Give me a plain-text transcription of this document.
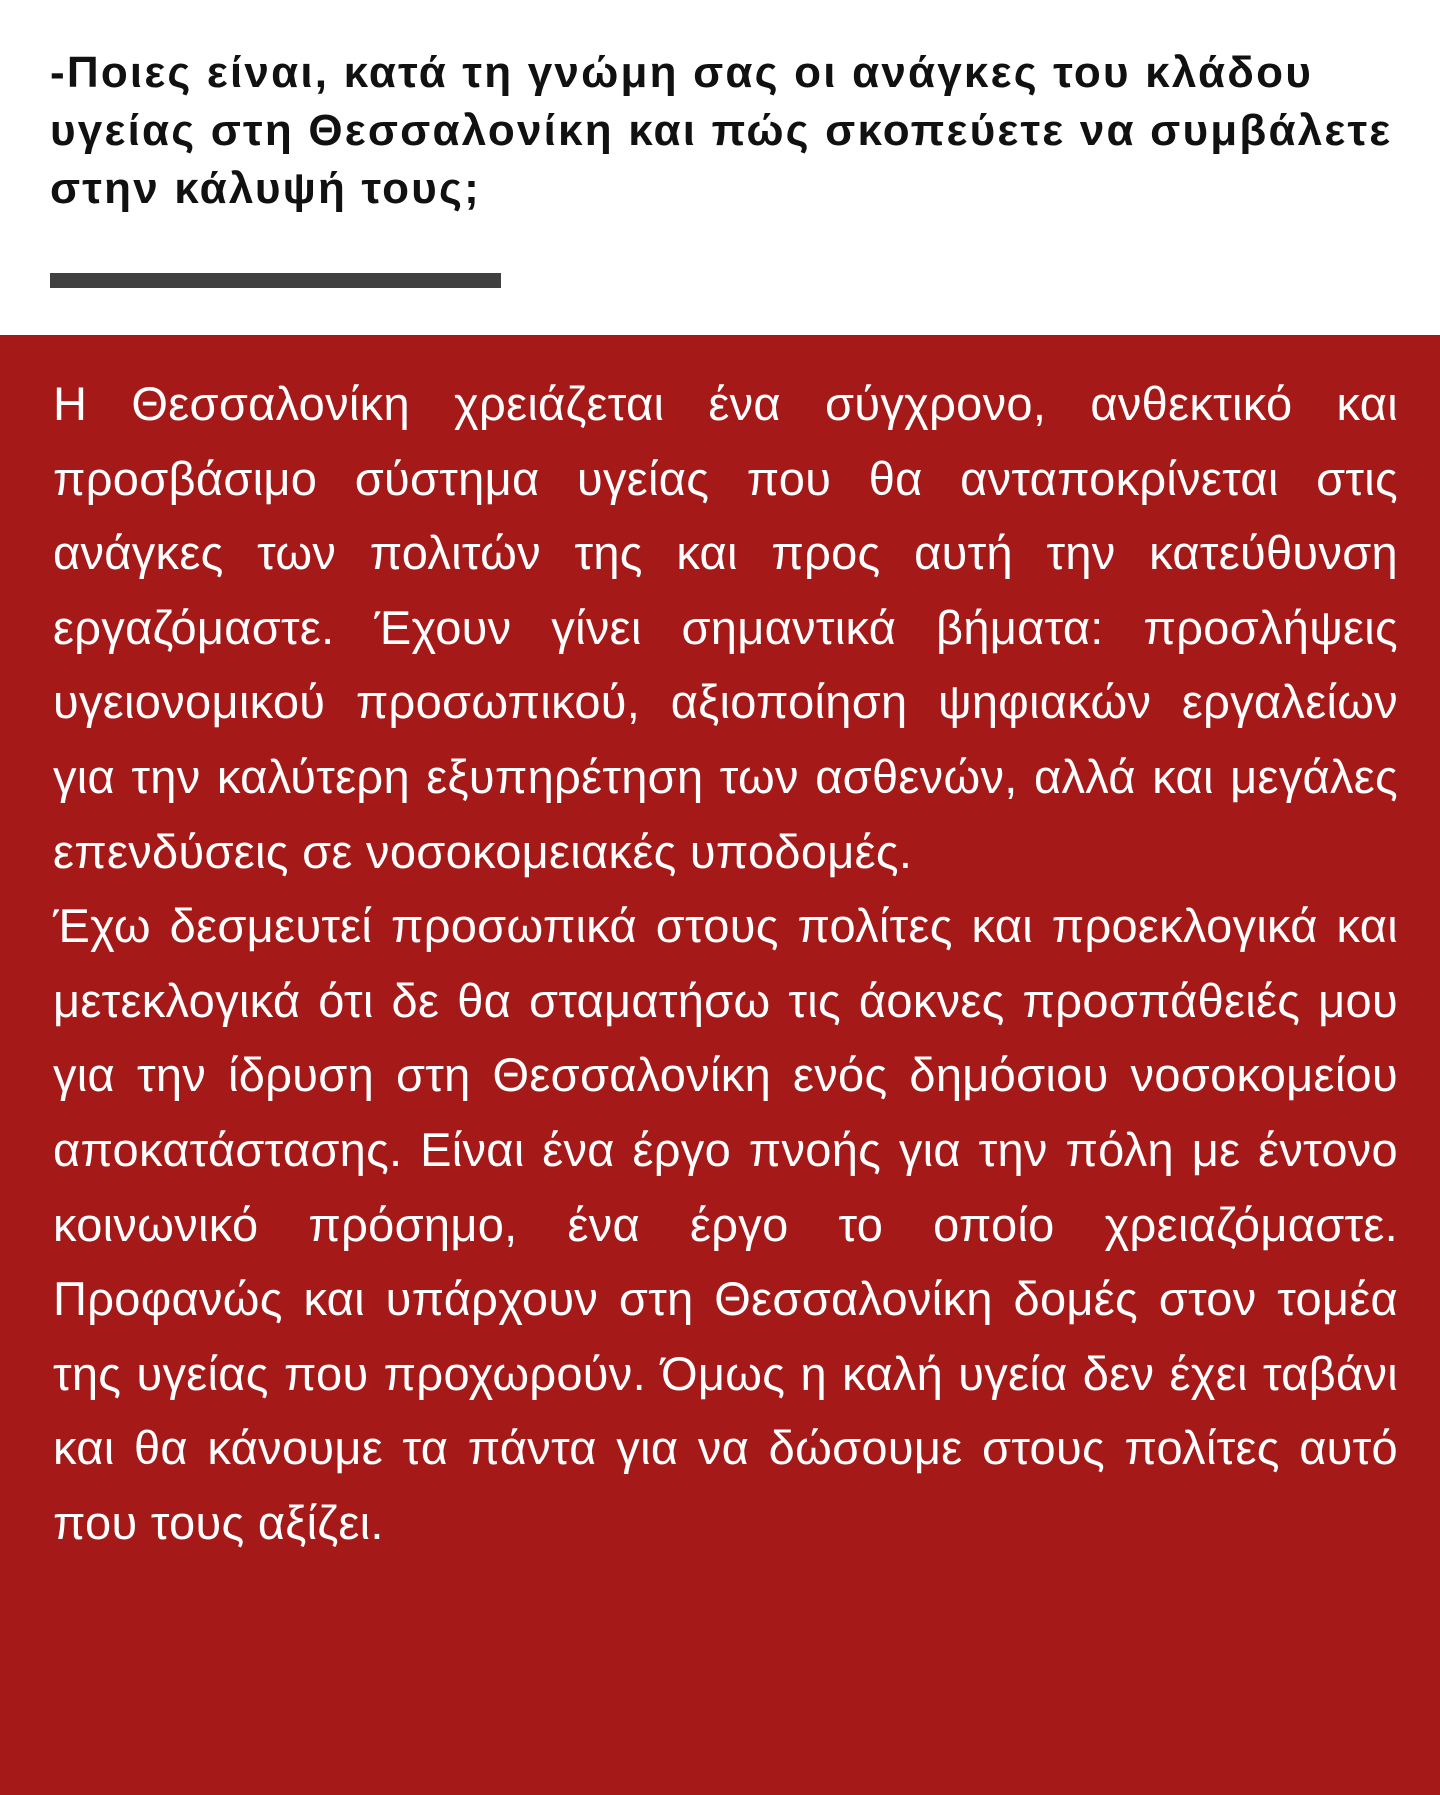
-Ποιες είναι, κατά τη γνώμη σας οι ανάγκες του κλάδου υγείας στη Θεσσαλονίκη και πώς σκοπεύετε να συμβάλετε στην κάλυψή τους;

Η Θεσσαλονίκη χρειάζεται ένα σύγχρονο, ανθεκτικό και προσβάσιμο σύστημα υγείας που θα ανταποκρίνεται στις ανάγκες των πολιτών της και προς αυτή την κατεύθυνση εργαζόμαστε. Έχουν γίνει σημαντικά βήματα: προσλήψεις υγειονομικού προσωπικού, αξιοποίηση ψηφιακών εργαλείων για την καλύτερη εξυπηρέτηση των ασθενών, αλλά και μεγάλες επενδύσεις σε νοσοκομειακές υποδομές.

Έχω δεσμευτεί προσωπικά στους πολίτες και προεκλογικά και μετεκλογικά ότι δε θα σταματήσω τις άοκνες προσπάθειές μου για την ίδρυση στη Θεσσαλονίκη ενός δημόσιου νοσοκομείου αποκατάστασης. Είναι ένα έργο πνοής για την πόλη με έντονο κοινωνικό πρόσημο, ένα έργο το οποίο χρειαζόμαστε. Προφανώς και υπάρχουν στη Θεσσαλονίκη δομές στον τομέα της υγείας που προχωρούν. Όμως η καλή υγεία δεν έχει ταβάνι και θα κάνουμε τα πάντα για να δώσουμε στους πολίτες αυτό που τους αξίζει.
